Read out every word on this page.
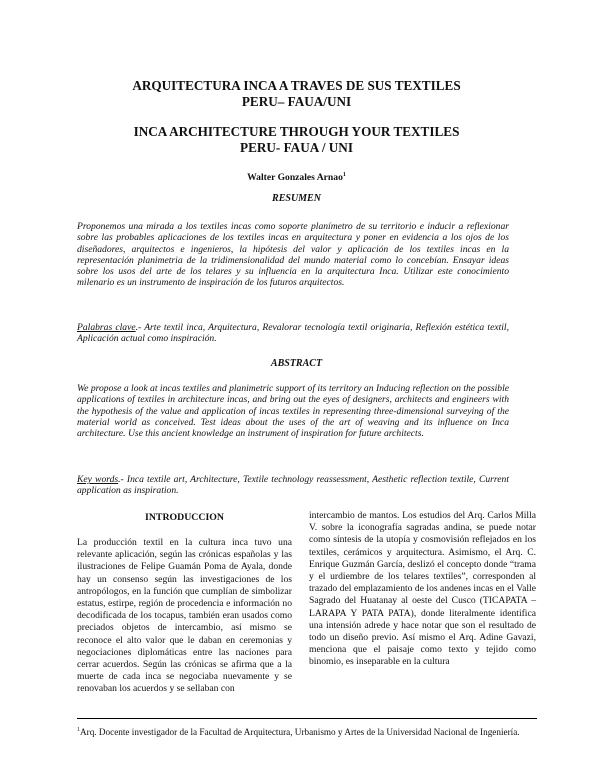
ARQUITECTURA INCA A TRAVES DE SUS TEXTILES
PERU– FAUA/UNI
INCA ARCHITECTURE THROUGH YOUR TEXTILES
PERU- FAUA / UNI
Walter Gonzales Arnao$^1$
RESUMEN

Proponemos una mirada a los textiles incas como soporte planímetro de su territorio e inducir a reflexionar sobre las probables aplicaciones de los textiles incas en arquitectura y poner en evidencia a los ojos de los diseñadores, arquitectos e ingenieros, la hipótesis del valor y aplicación de los textiles incas en la representación planimetria de la tridimensionalidad del mundo material como lo concebían. Ensayar ideas sobre los usos del arte de los telares y su influencia en la arquitectura Inca. Utilizar este conocimiento milenario es un instrumento de inspiración de los futuros arquitectos.

Palabras clave.- Arte textil inca, Arquitectura, Revalorar tecnología textil originaria, Reflexión estética textil, Aplicación actual como inspiración.

ABSTRACT

We propose a look at incas textiles and planimetric support of its territory an Inducing reflection on the possible applications of textiles in architecture incas, and bring out the eyes of designers, architects and engineers with the hypothesis of the value and application of incas textiles in representing three-dimensional surveying of the material world as conceived. Test ideas about the uses of the art of weaving and its influence on Inca architecture. Use this ancient knowledge an instrument of inspiration for future architects.

Key words.- Inca textile art, Architecture, Textile technology reassessment, Aesthetic reflection textile, Current application as inspiration.

INTRODUCCION

La producción textil en la cultura inca tuvo una relevante aplicación, según las crónicas españolas y las ilustraciones de Felipe Guamán Poma de Ayala, donde hay un consenso según las investigaciones de los antropólogos, en la función que cumplían de simbolizar estatus, estirpe, región de procedencia e información no decodificada de los tocapus, también eran usados como preciados objetos de intercambio, así mismo se reconoce el alto valor que le daban en ceremonias y negociaciones diplomáticas entre las naciones para cerrar acuerdos. Según las crónicas se afirma que a la muerte de cada inca se negociaba nuevamente y se renovaban los acuerdos y se sellaban con

intercambio de mantos. Los estudios del Arq. Carlos Milla V. sobre la iconografía sagradas andina, se puede notar como síntesis de la utopía y cosmovisión reflejados en los textiles, cerámicos y arquitectura. Asimismo, el Arq. C. Enrique Guzmán García, deslizó el concepto donde “trama y el urdiembre de los telares textiles”, corresponden al trazado del emplazamiento de los andenes incas en el Valle Sagrado del Huatanay al oeste del Cusco (TICAPATA – LARAPA Y PATA PATA), donde literalmente identifica una intensión adrede y hace notar que son el resultado de todo un diseño previo. Así mismo el Arq. Adine Gavazi, menciona que el paisaje como texto y tejido como binomio, es inseparable en la cultura

$^1$Arq. Docente investigador de la Facultad de Arquitectura, Urbanismo y Artes de la Universidad Nacional de Ingeniería.
